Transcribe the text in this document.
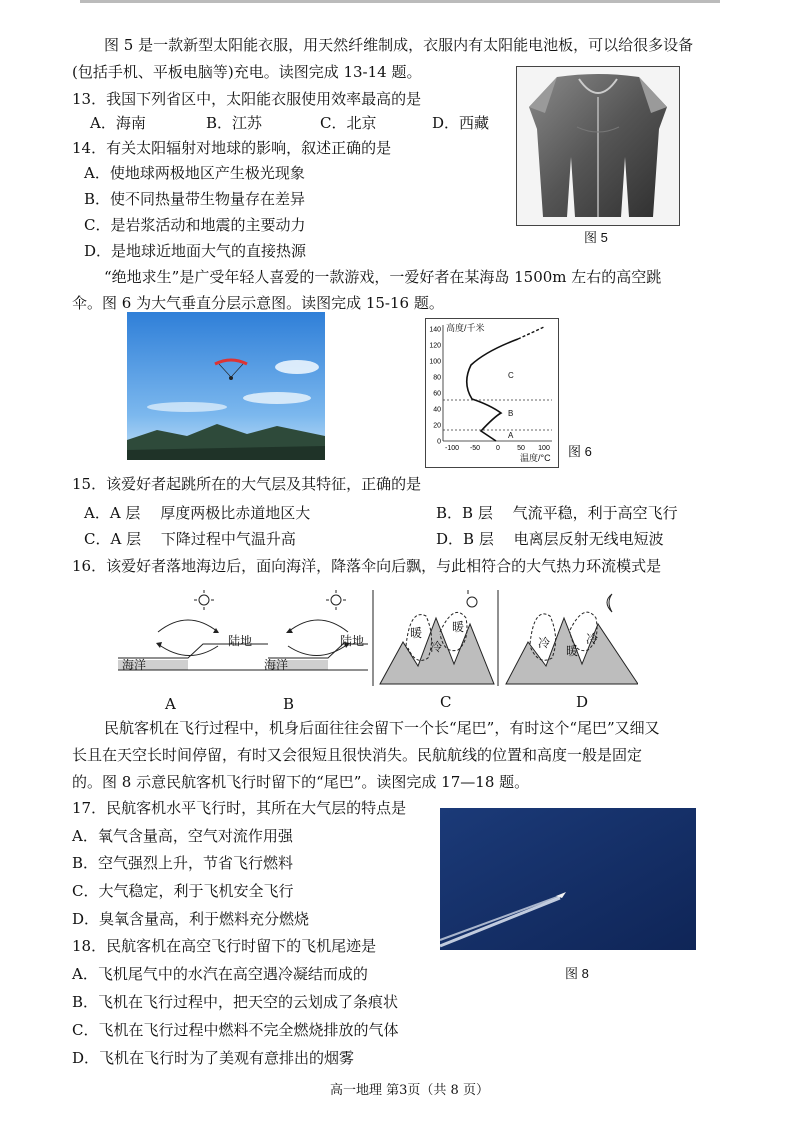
图 5 是一款新型太阳能衣服，用天然纤维制成，衣服内有太阳能电池板，可以给很多设备
(包括手机、平板电脑等)充电。读图完成 13-14 题。
13．我国下列省区中，太阳能衣服使用效率最高的是
A．海南	B．江苏	C．北京	D．西藏
14．有关太阳辐射对地球的影响，叙述正确的是
A．使地球两极地区产生极光现象
B．使不同热量带生物量存在差异
C．是岩浆活动和地震的主要动力
D．是地球近地面大气的直接热源
图 5
“绝地求生”是广受年轻人喜爱的一款游戏，一爱好者在某海岛 1500m 左右的高空跳
伞。图 6 为大气垂直分层示意图。读图完成 15-16 题。
140
120
100
80
60
40
20
0
-100 -50 0 50 100
高度/千米
温度/°C
A
B
C
图 6
15．该爱好者起跳所在的大气层及其特征，正确的是
A．A 层　 厚度两极比赤道地区大	B．B 层　 气流平稳，利于高空飞行
C．A 层　 下降过程中气温升高	D．B 层　 电离层反射无线电短波
16．该爱好者落地海边后，面向海洋，降落伞向后飘，与此相符合的大气热力环流模式是
陆地
海洋
陆地
海洋
暖
冷
暖
冷
暖
冷
A	B	C	D
民航客机在飞行过程中，机身后面往往会留下一个长“尾巴”，有时这个“尾巴”又细又
长且在天空长时间停留，有时又会很短且很快消失。民航航线的位置和高度一般是固定
的。图 8 示意民航客机飞行时留下的“尾巴”。读图完成 17—18 题。
17．民航客机水平飞行时，其所在大气层的特点是
A．氧气含量高，空气对流作用强
B．空气强烈上升，节省飞行燃料
C．大气稳定，利于飞机安全飞行
D．臭氧含量高，利于燃料充分燃烧
图 8
18．民航客机在高空飞行时留下的飞机尾迹是
A．飞机尾气中的水汽在高空遇冷凝结而成的
B．飞机在飞行过程中，把天空的云划成了条痕状
C．飞机在飞行过程中燃料不完全燃烧排放的气体
D．飞机在飞行时为了美观有意排出的烟雾
高一地理 第3页（共 8 页）
